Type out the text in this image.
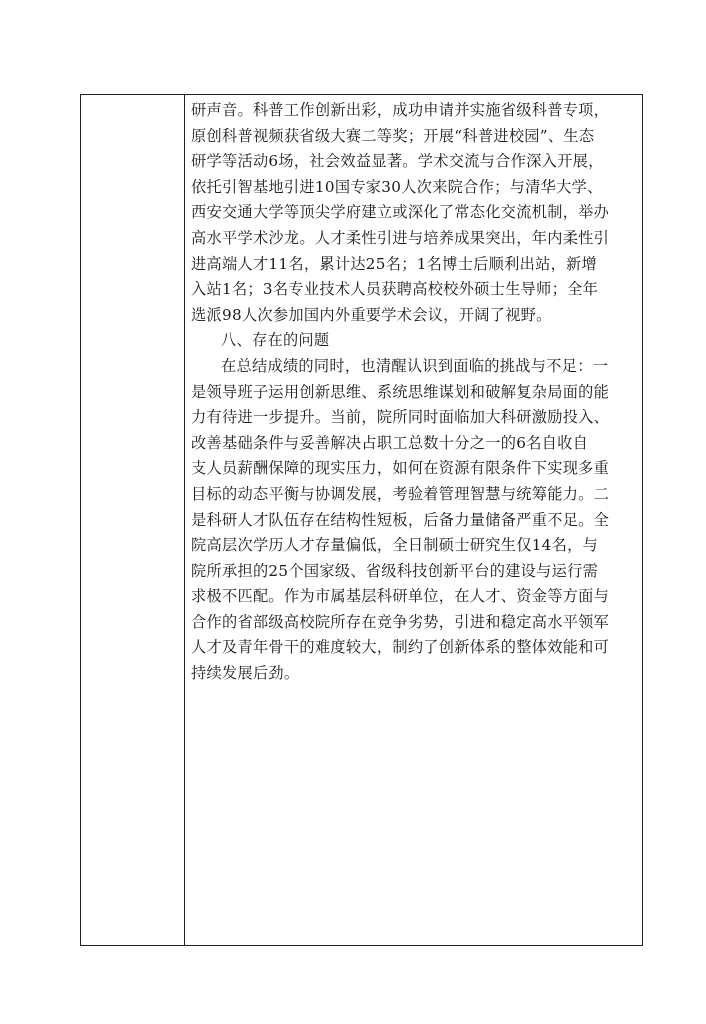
研声音。科普工作创新出彩，成功申请并实施省级科普专项，
原创科普视频获省级大赛二等奖；开展“科普进校园”、生态
研学等活动6场，社会效益显著。学术交流与合作深入开展，
依托引智基地引进10国专家30人次来院合作；与清华大学、
西安交通大学等顶尖学府建立或深化了常态化交流机制，举办
高水平学术沙龙。人才柔性引进与培养成果突出，年内柔性引
进高端人才11名，累计达25名；1名博士后顺利出站，新增
入站1名；3名专业技术人员获聘高校校外硕士生导师；全年
选派98人次参加国内外重要学术会议，开阔了视野。
八、存在的问题
在总结成绩的同时，也清醒认识到面临的挑战与不足：一
是领导班子运用创新思维、系统思维谋划和破解复杂局面的能
力有待进一步提升。当前，院所同时面临加大科研激励投入、
改善基础条件与妥善解决占职工总数十分之一的6名自收自
支人员薪酬保障的现实压力，如何在资源有限条件下实现多重
目标的动态平衡与协调发展，考验着管理智慧与统筹能力。二
是科研人才队伍存在结构性短板，后备力量储备严重不足。全
院高层次学历人才存量偏低，全日制硕士研究生仅14名，与
院所承担的25个国家级、省级科技创新平台的建设与运行需
求极不匹配。作为市属基层科研单位，在人才、资金等方面与
合作的省部级高校院所存在竞争劣势，引进和稳定高水平领军
人才及青年骨干的难度较大，制约了创新体系的整体效能和可
持续发展后劲。
